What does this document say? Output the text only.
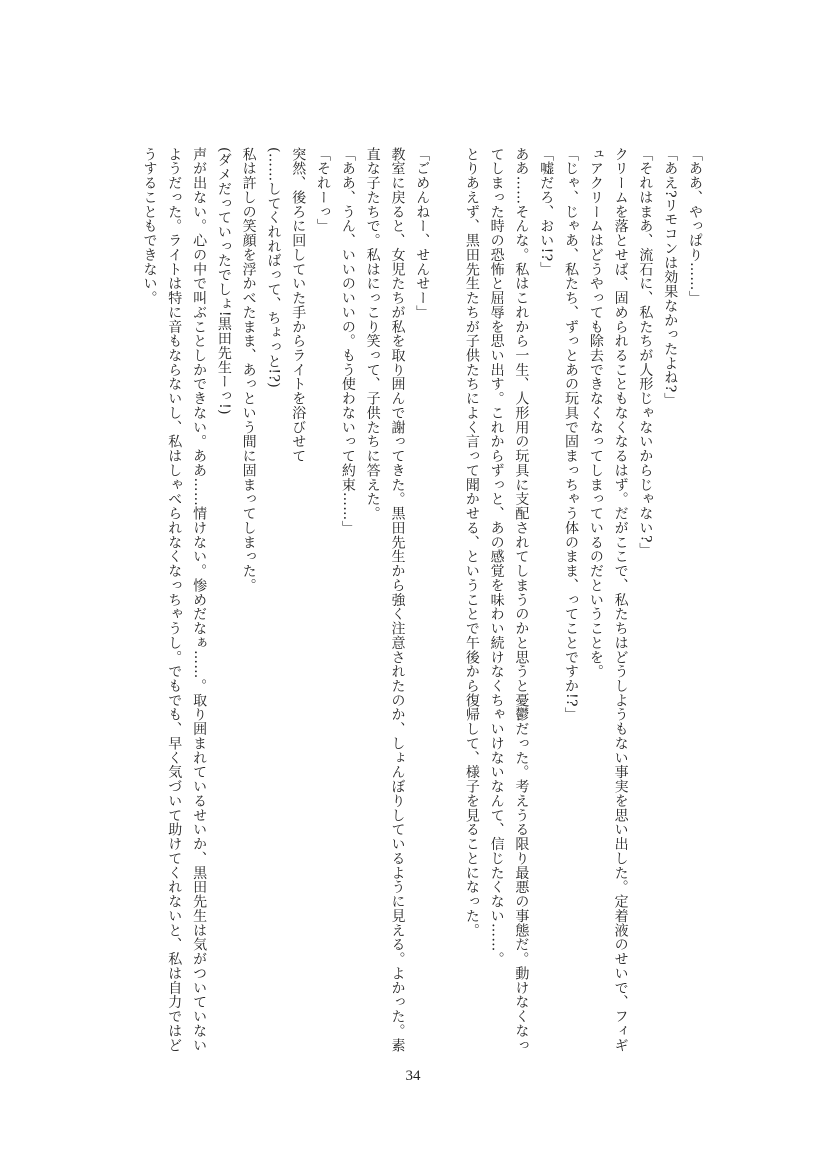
「ああ、やっぱり……」
「あえ?リモコンは効果なかったよね?」
「それはまあ、流石に、私たちが人形じゃないからじゃない?」
クリームを落とせば、固められることもなくなるはず。だがここで、私たちはどうしようもない事実を思い出した。定着液のせいで、フィギ
ュアクリームはどうやっても除去できなくなってしまっているのだということを。
「じゃ、じゃあ、私たち、ずっとあの玩具で固まっちゃう体のまま、ってことですか!?」
「嘘だろ、おい!?」
ああ……そんな。私はこれから一生、人形用の玩具に支配されてしまうのかと思うと憂鬱だった。考えうる限り最悪の事態だ。動けなくなっ
てしまった時の恐怖と屈辱を思い出す。これからずっと、あの感覚を味わい続けなくちゃいけないなんて、信じたくない……。
とりあえず、黒田先生たちが子供たちによく言って聞かせる、ということで午後から復帰して、様子を見ることになった。
「ごめんねー、せんせー」
教室に戻ると、女児たちが私を取り囲んで謝ってきた。黒田先生から強く注意されたのか、しょんぼりしているように見える。よかった。素
直な子たちで。私はにっこり笑って、子供たちに答えた。
「ああ、うん、いいのいいの。もう使わないって約束……」
「それーっ」
突然、後ろに回していた手からライトを浴びせて
(……してくれればって、ちょっと!?)
私は許しの笑顔を浮かべたまま、あっという間に固まってしまった。
(ダメだっていったでしょ!黒田先生ーっ!)
声が出ない。心の中で叫ぶことしかできない。ああ……情けない。惨めだなぁ……。取り囲まれているせいか、黒田先生は気がついていない
ようだった。ライトは特に音もならないし、私はしゃべられなくなっちゃうし。でもでも、早く気づいて助けてくれないと、私は自力ではど
うすることもできない。
34
